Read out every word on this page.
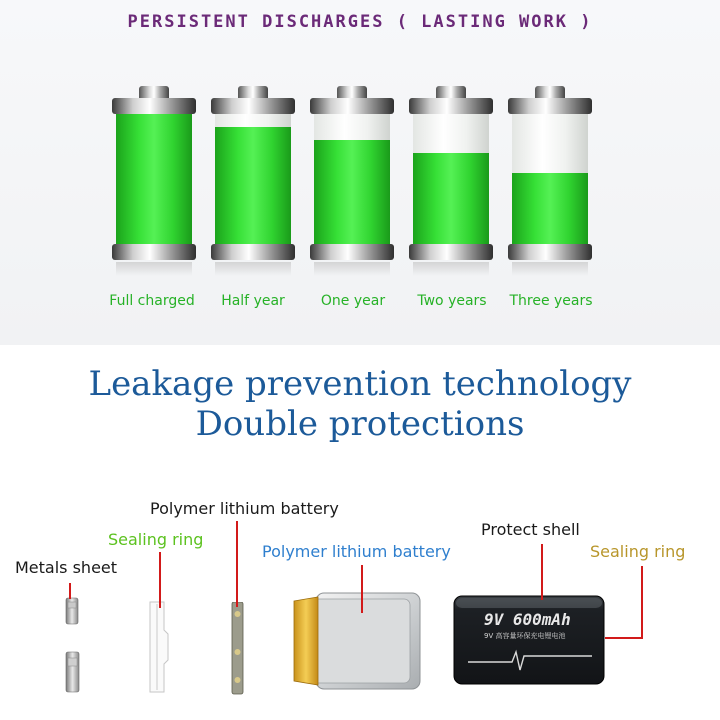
PERSISTENT DISCHARGES ( LASTING WORK )
Full charged	Half year	One year	Two years	Three years
Leakage prevention technology
Double protections
9V 600mAh
9V 高容量环保充电锂电池
Polymer lithium battery
Sealing ring
Metals sheet
Polymer lithium battery
Protect shell
Sealing ring
